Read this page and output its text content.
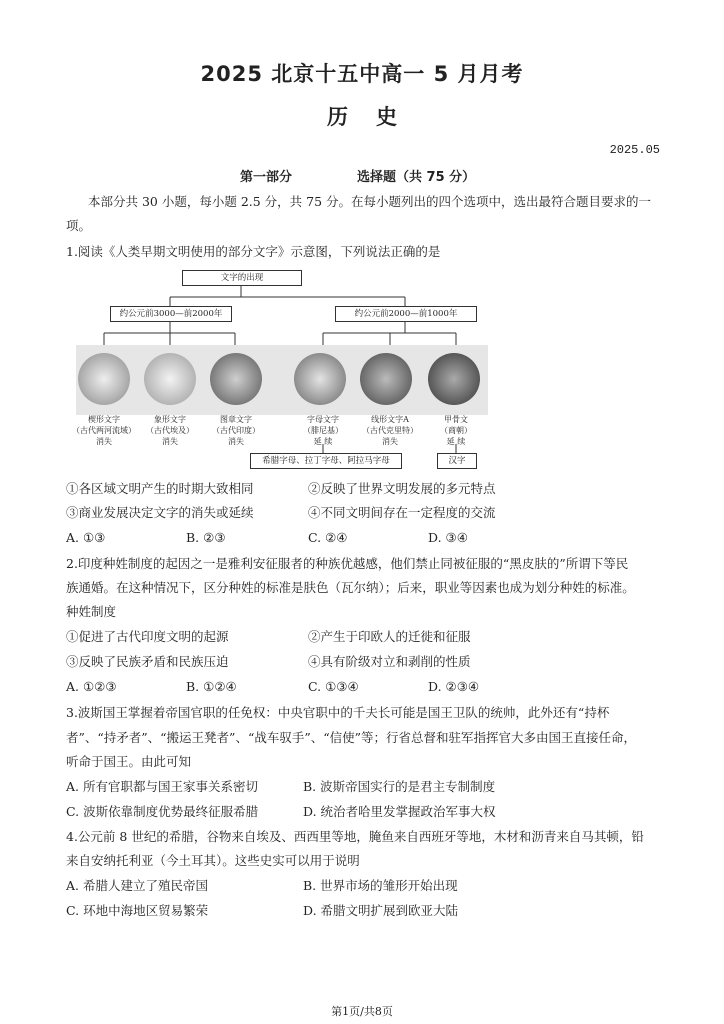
2025 北京十五中高一 5 月月考
历史
2025.05
第一部分	选择题（共 75 分）
本部分共 30 小题，每小题 2.5 分，共 75 分。在每小题列出的四个选项中，选出最符合题目要求的一
项。
1.阅读《人类早期文明使用的部分文字》示意图，下列说法正确的是
文字的出现
约公元前3000—前2000年	约公元前2000—前1000年
楔形文字
（古代两河流域）
消失
象形文字
（古代埃及）
消失
图章文字
（古代印度）
消失
字母文字
（腓尼基）
延 续
线形文字A
（古代克里特）
消失
甲骨文
（商朝）
延 续
希腊字母、拉丁字母、阿拉马字母	汉字
①各区域文明产生的时期大致相同	②反映了世界文明发展的多元特点
③商业发展决定文字的消失或延续	④不同文明间存在一定程度的交流
A. ①③	B. ②③	C. ②④	D. ③④
2.印度种姓制度的起因之一是雅利安征服者的种族优越感，他们禁止同被征服的“黑皮肤的”所谓下等民
族通婚。在这种情况下，区分种姓的标准是肤色（瓦尔纳）；后来，职业等因素也成为划分种姓的标准。
种姓制度
①促进了古代印度文明的起源	②产生于印欧人的迁徙和征服
③反映了民族矛盾和民族压迫	④具有阶级对立和剥削的性质
A. ①②③	B. ①②④	C. ①③④	D. ②③④
3.波斯国王掌握着帝国官职的任免权：中央官职中的千夫长可能是国王卫队的统帅，此外还有“持杯
者”、“持矛者”、“搬运王凳者”、“战车驭手”、“信使”等；行省总督和驻军指挥官大多由国王直接任命，
听命于国王。由此可知
A. 所有官职都与国王家事关系密切	B. 波斯帝国实行的是君主专制制度
C. 波斯依靠制度优势最终征服希腊	D. 统治者哈里发掌握政治军事大权
4.公元前 8 世纪的希腊，谷物来自埃及、西西里等地，腌鱼来自西班牙等地，木材和沥青来自马其顿，铅
来自安纳托利亚（今土耳其）。这些史实可以用于说明
A. 希腊人建立了殖民帝国	B. 世界市场的雏形开始出现
C. 环地中海地区贸易繁荣	D. 希腊文明扩展到欧亚大陆
第1页/共8页
